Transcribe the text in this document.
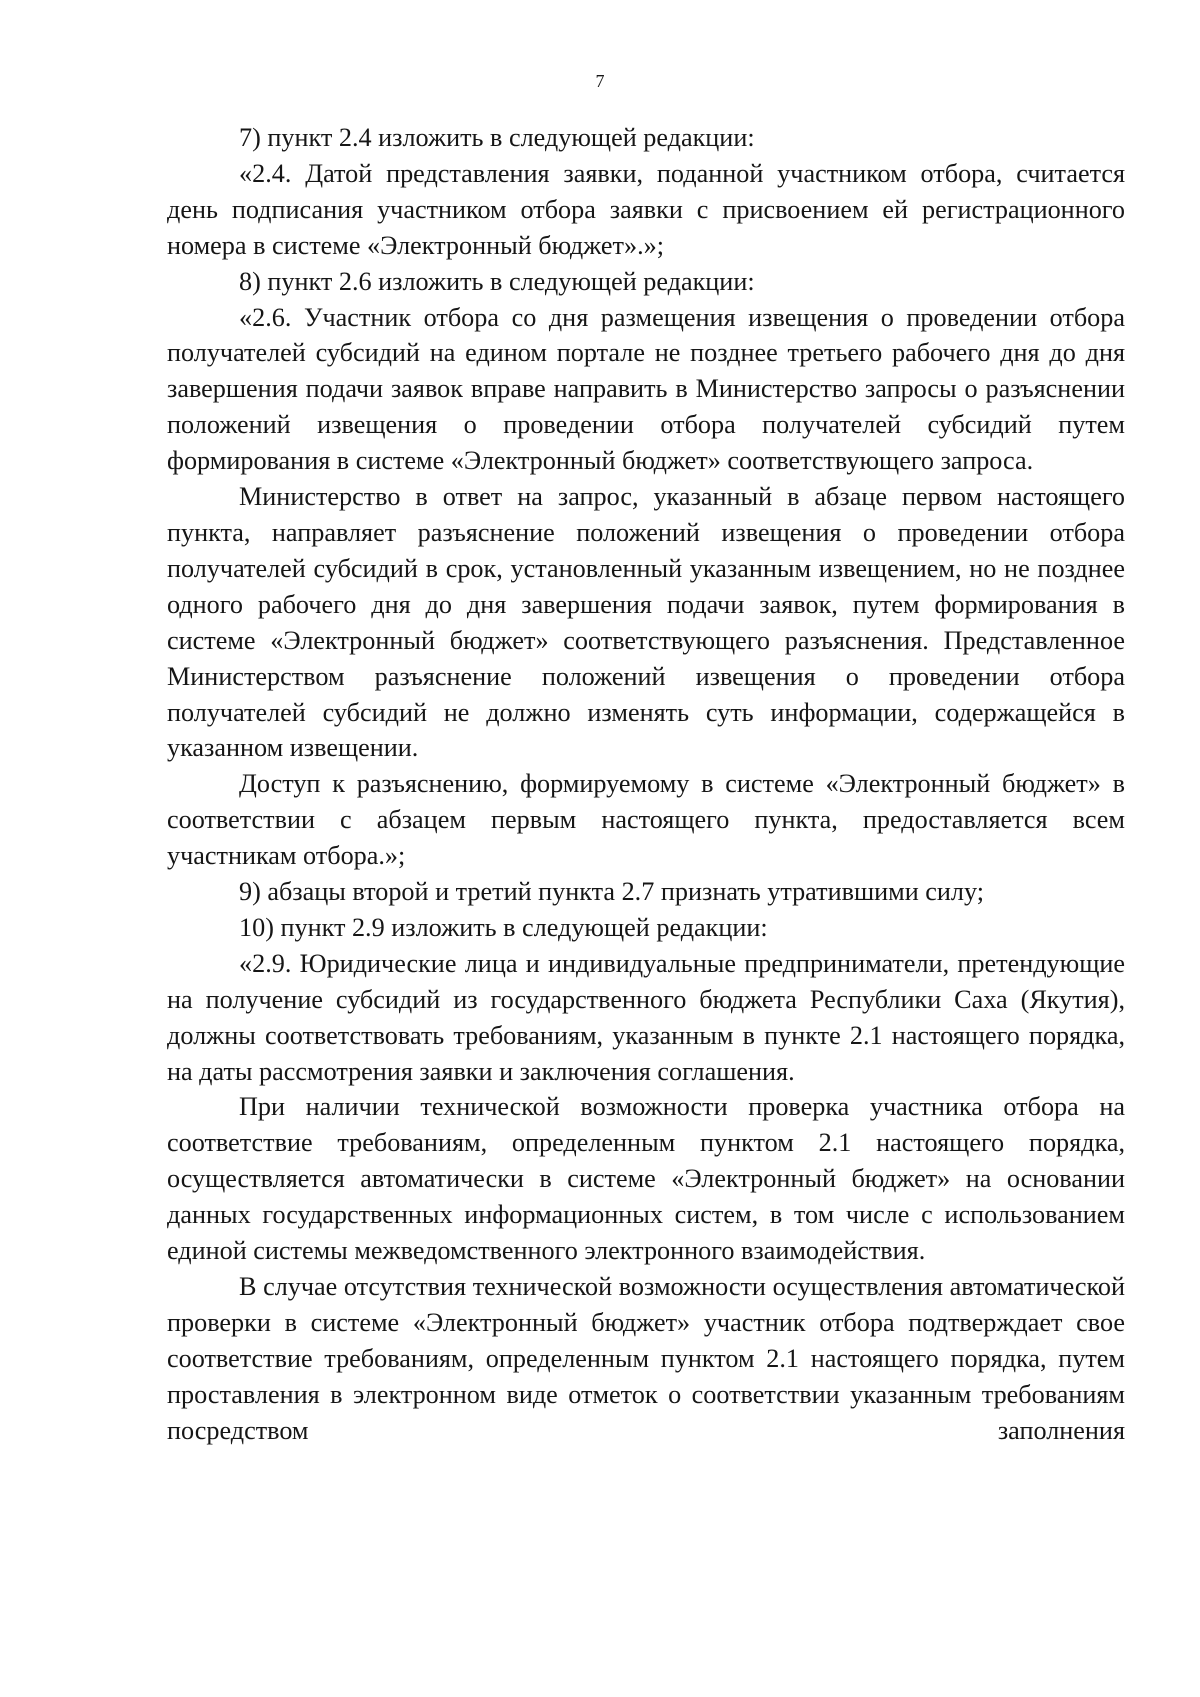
7

7) пункт 2.4 изложить в следующей редакции:

«2.4. Датой представления заявки, поданной участником отбора, считается день подписания участником отбора заявки с присвоением ей регистрационного номера в системе «Электронный бюджет».»;

8) пункт 2.6 изложить в следующей редакции:

«2.6. Участник отбора со дня размещения извещения о проведении отбора получателей субсидий на едином портале не позднее третьего рабочего дня до дня завершения подачи заявок вправе направить в Министерство запросы о разъяснении положений извещения о проведении отбора получателей субсидий путем формирования в системе «Электронный бюджет» соответствующего запроса.

Министерство в ответ на запрос, указанный в абзаце первом настоящего пункта, направляет разъяснение положений извещения о проведении отбора получателей субсидий в срок, установленный указанным извещением, но не позднее одного рабочего дня до дня завершения подачи заявок, путем формирования в системе «Электронный бюджет» соответствующего разъяснения. Представленное Министерством разъяснение положений извещения о проведении отбора получателей субсидий не должно изменять суть информации, содержащейся в указанном извещении.

Доступ к разъяснению, формируемому в системе «Электронный бюджет» в соответствии с абзацем первым настоящего пункта, предоставляется всем участникам отбора.»;

9) абзацы второй и третий пункта 2.7 признать утратившими силу;

10) пункт 2.9 изложить в следующей редакции:

«2.9. Юридические лица и индивидуальные предприниматели, претендующие на получение субсидий из государственного бюджета Республики Саха (Якутия), должны соответствовать требованиям, указанным в пункте 2.1 настоящего порядка, на даты рассмотрения заявки и заключения соглашения.

При наличии технической возможности проверка участника отбора на соответствие требованиям, определенным пунктом 2.1 настоящего порядка, осуществляется автоматически в системе «Электронный бюджет» на основании данных государственных информационных систем, в том числе с использованием единой системы межведомственного электронного взаимодействия.

В случае отсутствия технической возможности осуществления автоматической проверки в системе «Электронный бюджет» участник отбора подтверждает свое соответствие требованиям, определенным пунктом 2.1 настоящего порядка, путем проставления в электронном виде отметок о соответствии указанным требованиям посредством заполнения
